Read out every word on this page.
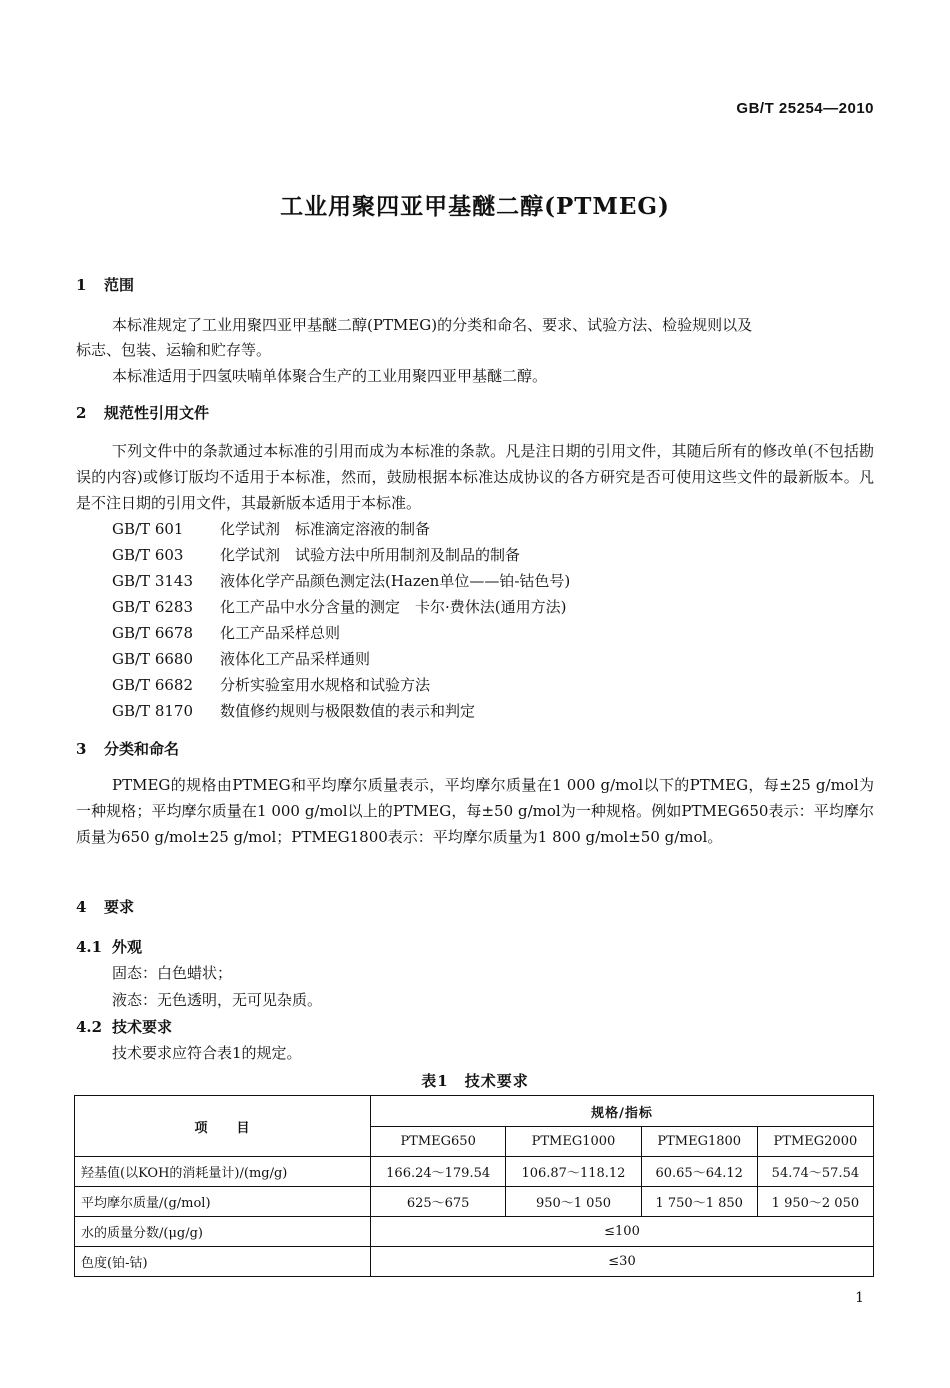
GB/T 25254—2010
工业用聚四亚甲基醚二醇(PTMEG)
1 范围
本标准规定了工业用聚四亚甲基醚二醇(PTMEG)的分类和命名、要求、试验方法、检验规则以及
标志、包装、运输和贮存等。
本标准适用于四氢呋喃单体聚合生产的工业用聚四亚甲基醚二醇。
2 规范性引用文件
下列文件中的条款通过本标准的引用而成为本标准的条款。凡是注日期的引用文件，其随后所有的修改单(不包括勘误的内容)或修订版均不适用于本标准，然而，鼓励根据本标准达成协议的各方研究是否可使用这些文件的最新版本。凡是不注日期的引用文件，其最新版本适用于本标准。
GB/T 601 化学试剂　标准滴定溶液的制备
GB/T 603 化学试剂　试验方法中所用制剂及制品的制备
GB/T 3143 液体化学产品颜色测定法(Hazen单位——铂-钴色号)
GB/T 6283 化工产品中水分含量的测定　卡尔·费休法(通用方法)
GB/T 6678 化工产品采样总则
GB/T 6680 液体化工产品采样通则
GB/T 6682 分析实验室用水规格和试验方法
GB/T 8170 数值修约规则与极限数值的表示和判定
3 分类和命名
PTMEG的规格由PTMEG和平均摩尔质量表示，平均摩尔质量在1 000 g/mol以下的PTMEG，每±25 g/mol为一种规格；平均摩尔质量在1 000 g/mol以上的PTMEG，每±50 g/mol为一种规格。例如PTMEG650表示：平均摩尔质量为650 g/mol±25 g/mol；PTMEG1800表示：平均摩尔质量为1 800 g/mol±50 g/mol。
4 要求
4.1 外观
固态：白色蜡状；
液态：无色透明，无可见杂质。
4.2 技术要求
技术要求应符合表1的规定。
表1　技术要求
项　　目	规格/指标			
	PTMEG650	PTMEG1000	PTMEG1800	PTMEG2000
羟基值(以KOH的消耗量计)/(mg/g)	166.24～179.54	106.87～118.12	60.65～64.12	54.74～57.54
平均摩尔质量/(g/mol)	625～675	950～1 050	1 750～1 850	1 950～2 050
水的质量分数/(μg/g)	≤100			
色度(铂-钴)	≤30			
1
